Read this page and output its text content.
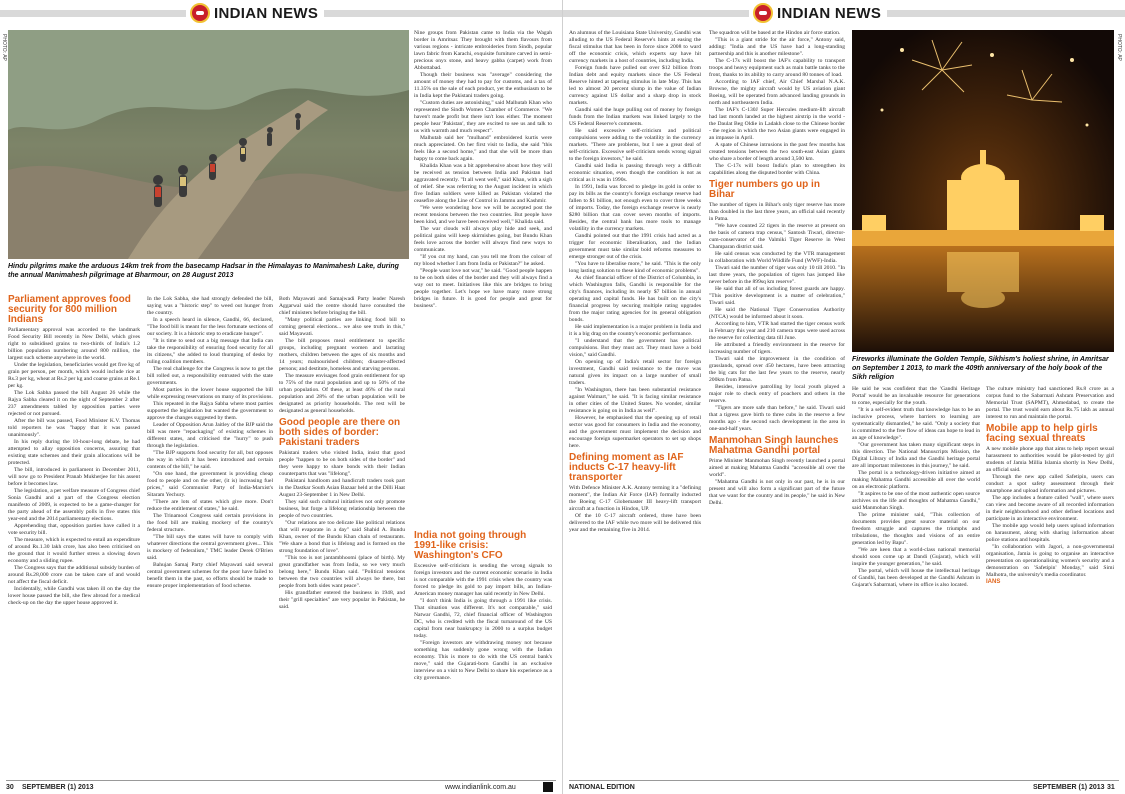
INDIAN NEWS
PHOTO: AP
Hindu pilgrims make the arduous 14km trek from the basecamp Hadsar in the Himalayas to Manimahesh Lake, during the annual Manimahesh pilgrimage at Bharmour, on 28 August 2013
Parliament approves food security for 800 million Indians

Parliamentary approval was accorded to the landmark Food Security Bill recently in New Delhi, which gives right to subsidised grains to two-thirds of India's 1.2 billion population numbering around 800 million, the largest such scheme anywhere in the world.

Under the legislation, beneficiaries would get five kg of grain per person, per month, which would include rice at Rs.3 per kg, wheat at Rs.2 per kg and coarse grains at Re.1 per kg.

The Lok Sabha passed the bill August 26 while the Rajya Sabha cleared it on the night of September 2 after 237 amendments tabled by opposition parties were rejected or not pursued.

After the bill was passed, Food Minister K.V. Thomas told reporters he was "happy that it was passed unanimously".

In his reply during the 10-hour-long debate, he had attempted to allay opposition concerns, assuring that existing state schemes and their grain allocations will be protected.

The bill, introduced in parliament in December 2011, will now go to President Pranab Mukherjee for his assent before it becomes law.

The legislation, a pet welfare measure of Congress chief Sonia Gandhi and a part of the Congress election manifesto of 2009, is expected to be a game-changer for the party ahead of the assembly polls in five states this year-end and the 2014 parliamentary elections.

Apprehending that, opposition parties have called it a vote security bill.

The measure, which is expected to entail an expenditure of around Rs.1.30 lakh crore, has also been criticised on the ground that it would further stress a slowing down economy and a sliding rupee.

The Congress says that the additional subsidy burden of around Rs.28,000 crore can be taken care of and would not affect the fiscal deficit.

Incidentally, while Gandhi was taken ill on the day the lower house passed the bill, she flew abroad for a medical check-up on the day the upper house approved it.

In the Lok Sabha, she had strongly defended the bill, saying was a "historic step" to weed out hunger from the country.

In a speech heard in silence, Gandhi, 66, declared, "The food bill is meant for the less fortunate sections of our society. It is a historic step to eradicate hunger".

"It is time to send out a big message that India can take the responsibility of ensuring food security for all its citizens," she added to loud thumping of desks by ruling coalition members.

The real challenge for the Congress is now to get the bill rolled out, a responsibility entrusted with the state governments.

Most parties in the lower house supported the bill while expressing reservations on many of its provisions.

This repeated in the Rajya Sabha where most parties supported the legislation but wanted the government to approve the changes suggested by them.

Leader of Opposition Arun Jaitley of the BJP said the bill was mere "repackaging" of existing schemes in different states, and criticised the "hurry" to push through the legislation.

"The BJP supports food security for all, but opposes the way in which it has been introduced and certain contents of the bill," he said.

"On one hand, the government is providing cheap food to people and on the other, (it is) increasing fuel prices," said Communist Party of India-Marxist's Sitaram Yechury.

"There are lots of states which give more. Don't reduce the entitlement of states," he said.

The Trinamool Congress said certain provisions in the food bill are making mockery of the country's federal structure.

"The bill says the states will have to comply with whatever directions the central government gives... This is mockery of federalism," TMC leader Derek O'Brien said.

Bahujan Samaj Party chief Mayawati said several central government schemes for the poor have failed to benefit them in the past, so efforts should be made to ensure proper implementation of food scheme.

Both Mayawati and Samajwadi Party leader Naresh Aggarwal said the centre should have consulted the chief ministers before bringing the bill.

"Many political parties are linking food bill to coming general elections... we also see truth in this," said Mayawati.

The bill proposes meal entitlement to specific groups, including pregnant women and lactating mothers, children between the ages of six months and 14 years; malnourished children; disaster-affected persons; and destitute, homeless and starving persons.

The measure envisages food grain entitlement for up to 75% of the rural population and up to 50% of the urban population. Of these, at least 46% of the rural population and 28% of the urban population will be designated as priority households. The rest will be designated as general households.

Good people are there on both sides of border: Pakistani traders

Pakistani traders who visited India, insist that good people "happen to be on both sides of the border" and they were happy to share bonds with their Indian counterparts that was "lifelong".

Pakistani handloom and handicraft traders took part in the Dastkar South Asian Bazaar held at the Dilli Haat August 23-September 1 in New Delhi.

They said such cultural initiatives not only promote business, but forge a lifelong relationship between the people of two countries.

"Our relations are too delicate like political relations that will evaporate in a day" said Shahid A. Bundu Khan, owner of the Bundu Khan chain of restaurants. "We share a bond that is lifelong and is formed on the strong foundation of love".

"This too is not jantambhoomi (place of birth). My great grandfather was from India, so we very much belong here," Bundu Khan said. "Political tensions between the two countries will always be there, but people from both sides want peace".

His grandfather entered the business in 1948, and their "grill specialties" are very popular in Pakistan, he said.

Nine groups from Pakistan came to India via the Wagah border in Amritsar. They brought with them flavours from various regions - intricate embroideries from Sindh, popular lawn fabric from Karachi, exquisite furniture carved in semi-precious onyx stone, and heavy gabba (carpet) work from Abbottabad.

Though their business was "average" considering the amount of money they had to pay for customs, and a tax of 11.35% on the sale of each product, yet the enthusiasm to be in India kept the Pakistani traders going.

"Custom duties are astonishing," said Malhutab Khan who represented the Sindh Women Chamber of Commerce. "We haven't made profit but there isn't loss either. The moment people hear 'Pakistan', they are excited to see us and talk to us with warmth and much respect".

Malhutab said her "mulhand" embroidered kurtis were much appreciated. On her first visit to India, she said "this feels like a second home," and that she will be more than happy to come back again.

Khalida Khan was a bit apprehensive about how they will be received as tension between India and Pakistan had aggravated recently. "It all went well," said Khan, with a sigh of relief. She was referring to the August incident in which five Indian soldiers were killed as Pakistan violated the ceasefire along the Line of Control in Jammu and Kashmir.

"We were wondering how we will be accepted post the recent tensions between the two countries. But people have been kind, and we have been received well," Khalida said.

The war clouds will always play hide and seek, and political gains will keep skirmishes going, but Bundu Khan feels love across the border will always find new ways to communicate.

"If you cut my hand, can you tell me from the colour of my blood whether I am from India or Pakistan?" he asked.

"People want love not war," he said. "Good people happen to be on both sides of the border and they will always find a way out to meet. Initiatives like this are bridges to bring people together. Let's hope we have many more strong bridges in future. It is good for people and great for business".

30 SEPTEMBER (1) 2013	www.indianlink.com.au
INDIAN NEWS

An alumnus of the Louisiana State University, Gandhi was alluding to the US Federal Reserve's hints at easing the fiscal stimulus that has been in force since 2008 to ward off the economic crisis, which experts say have hit currency markets in a host of countries, including India.

Foreign funds have pulled out over $12 billion from Indian debt and equity markets since the US Federal Reserve hinted at tapering stimulus in late May. This has led to almost 20 percent slump in the value of Indian currency against US dollar and a sharp drop in stock markets.

Gandhi said the huge pulling out of money by foreign funds from the Indian markets was linked largely to the US Federal Reserve's comments.

He said excessive self-criticism and political compulsions were adding to the volatility in the currency markets. "There are problems, but I see a great deal of self-criticism. Excessive self-criticism sends wrong signal to the foreign investors," he said.

Gandhi said India is passing through very a difficult economic situation, even though the condition is not as critical as it was in 1990s.

In 1991, India was forced to pledge its gold in order to pay its bills as the country's foreign exchange reserve had fallen to $1 billion, not enough even to cover three weeks of imports. Today, the foreign exchange reserve is nearly $280 billion that can cover seven months of imports. Besides, the central bank has more tools to manage volatility in the currency markets.

Gandhi pointed out that the 1991 crisis had acted as a trigger for economic liberalisation, and the Indian government must take similar bold reforms measures to emerge stronger out of the crisis.

"You have to liberalise more," he said. "This is the only long lasting solution to these kind of economic problems".

As chief financial officer of the District of Columbia, in which Washington falls, Gandhi is responsible for the city's finances, including its nearly $7 billion in annual operating and capital funds. He has built on the city's financial progress by securing multiple rating upgrades from the major rating agencies for its general obligation bonds.

He said implementation is a major problem in India and it is a big drag on the country's economic performance.

"I understand that the government has political compulsions. But they must act. They must have a bold vision," said Gandhi.

On opening up of India's retail sector for foreign investment, Gandhi said resistance to the move was natural given its impact on a large number of small traders.

"In Washington, there has been substantial resistance against Walmart," he said. "It is facing similar resistance in other cities of the United States. No wonder, similar resistance is going on in India as well".

However, he emphasised that the opening up of retail sector was good for consumers in India and the economy, and the government must implement the decision and encourage foreign supermarket operators to set up shops here.

Defining moment as IAF inducts C-17 heavy-lift transporter

With Defence Minister A.K. Antony terming it a "defining moment", the Indian Air Force (IAF) formally inducted the Boeing C-17 Globemaster III heavy-lift transport aircraft at a function in Hindon, UP.

Of the 10 C-17 aircraft ordered, three have been delivered to the IAF while two more will be delivered this year and the remaining five in 2014.

The squadron will be based at the Hindon air force station.

"This is a giant stride for the air force," Antony said, adding: "India and the US have had a long-standing partnership and this is another milestone".

The C-17s will boost the IAF's capability to transport troops and heavy equipment such as main battle tanks to the front, thanks to its ability to carry around 80 tonnes of load.

According to IAF chief, Air Chief Marshal N.A.K. Browne, the mighty aircraft would by US aviation giant Boeing, will be operated from advanced landing grounds in north and northeastern India.

The IAF's C-130J Super Hercules medium-lift aircraft had last month landed at the highest airstrip in the world - the Daulat Beg Oldie in Ladakh close to the Chinese border - the region in which the two Asian giants were engaged in an impasse in April.

A spate of Chinese intrusions in the past few months has created tensions between the two south-east Asian giants who share a border of length around 3,500 km.

The C-17s will boost India's plan to strengthen its capabilities along the disputed border with China.

Tiger numbers go up in Bihar

The number of tigers in Bihar's only tiger reserve has more than doubled in the last three years, an official said recently in Patna.

"We have counted 22 tigers in the reserve at present on the basis of camera trap census," Santosh Tiwari, director-cum-conservator of the Valmiki Tiger Reserve in West Champaran district said.

He said census was conducted by the VTR management in collaboration with World Wildlife Fund (WWF)-India.

Tiwari said the number of tiger was only 10 till 2010. "In last three years, the population of tigers has jumped like never before in the 899sq km reserve".

He said that all of us including forest guards are happy. "This positive development is a matter of celebration," Tiwari said.

He said the National Tiger Conservation Authority (NTCA) would be informed about it soon.

According to him, VTR had started the tiger census work in February this year and 210 camera traps were used across the reserve for collecting data till June.

He attributed a friendly environment in the reserve for increasing number of tigers.

Tiwari said the improvement in the condition of grasslands, spread over 450 hectares, have been attracting the big cats for the last few years to the reserve, nearly 200km from Patna.

Besides, intensive patrolling by local youth played a major role to check entry of poachers and others in the reserve.

"Tigers are more safe than before," he said. Tiwari said that a tigress gave birth to three cubs in the reserve a few months ago - the second such development in the area in one-and-half years.

Manmohan Singh launches Mahatma Gandhi portal

Prime Minister Manmohan Singh recently launched a portal aimed at making Mahatma Gandhi "accessible all over the world".

"Mahatma Gandhi is not only in our past, he is in our present and will also form a significant part of the future that we want for the country and its people," he said in New Delhi.

PHOTO: AP
Fireworks illuminate the Golden Temple, Sikhism's holiest shrine, in Amritsar on September 1 2013, to mark the 409th anniversary of the holy book of the Sikh religion

He said he was confident that the 'Gandhi Heritage Portal' would be an invaluable resource for generations to come, especially for the youth.

"It is a self-evident truth that knowledge has to be an inclusive process, where barriers to learning are systematically dismantled," he said. "Only a society that is committed to the free flow of ideas can hope to lead in an age of knowledge".

"Our government has taken many significant steps in this direction. The National Manuscripts Mission, the Digital Library of India and the Gandhi heritage portal are all important milestones in this journey," he said.

The portal is a technology-driven initiative aimed at making Mahatma Gandhi accessible all over the world on an electronic platform.

"It aspires to be one of the most authentic open source archives on the life and thoughts of Mahatma Gandhi," said Manmohan Singh.

The prime minister said, "This collection of documents provides great source material on our freedom struggle and captures the triumphs and tribulations, the thoughts and visions of an entire generation led by Bapu".

"We are keen that a world-class national memorial should soon come up at Dandi (Gujarat), which will inspire the younger generation," he said.

The portal, which will house the intellectual heritage of Gandhi, has been developed at the Gandhi Ashram in Gujarat's Sabarmati, where its office is also located.

The culture ministry had sanctioned Rs.8 crore as a corpus fund to the Sabarmati Ashram Preservation and Memorial Trust (SAPMT), Ahmedabad, to create the portal. The trust would earn about Rs.75 lakh as annual interest to run and maintain the portal.

Mobile app to help girls facing sexual threats

A new mobile phone app that aims to help report sexual harassment to authorities would be pilot-tested by girl students of Jamia Millia Islamia shortly in New Delhi, an official said.

Through the new app called Safetipin, users can conduct a spot safety assessment through their smartphone and upload information and pictures.

The app includes a feature called "wall", where users can view and become aware of all recorded information in their neighbourhood and other defined locations and participate in an interactive environment.

The mobile app would help users upload information on harassment, along with sharing information about police stations and hospitals.

"In collaboration with Jagori, a non-governmental organisation, Jamia is going to organise an interactive presentation on operationalising women's security and a demonstration on 'Safetipin' Monday," said Simi Malhotra, the university's media coordinator.

IANS
NATIONAL EDITION	SEPTEMBER (1) 2013 31
India not going through 1991-like crisis: Washington's CFO

Excessive self-criticism is sending the wrong signals to foreign investors and the current economic scenario in India is not comparable with the 1991 crisis when the country was forced to pledge its gold to pay import bills, an Indian-American money manager has said recently in New Delhi.

"I don't think India is going through a 1991 like crisis. That situation was different. It's not comparable," said Natwar Gandhi, 72, chief financial officer of Washington DC, who is credited with the fiscal turnaround of the US capital from near bankruptcy in 2000 to a surplus budget today.

"Foreign investors are withdrawing money not because something has suddenly gone wrong with the Indian economy. This is more to do with the US central bank's move," said the Gujarati-born Gandhi in an exclusive interview on a visit to New Delhi to share his experience as a city governance.
